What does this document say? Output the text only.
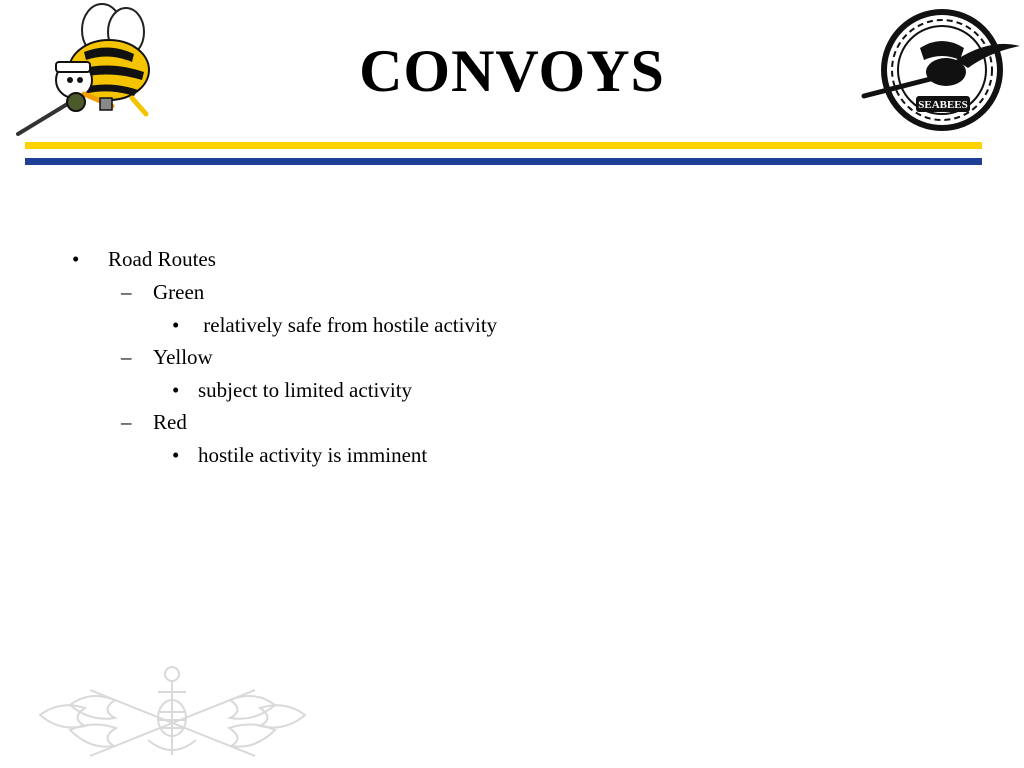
CONVOYS
SEABEES
• Road Routes
– Green
• relatively safe from hostile activity
– Yellow
• subject to limited activity
– Red
• hostile activity is imminent
